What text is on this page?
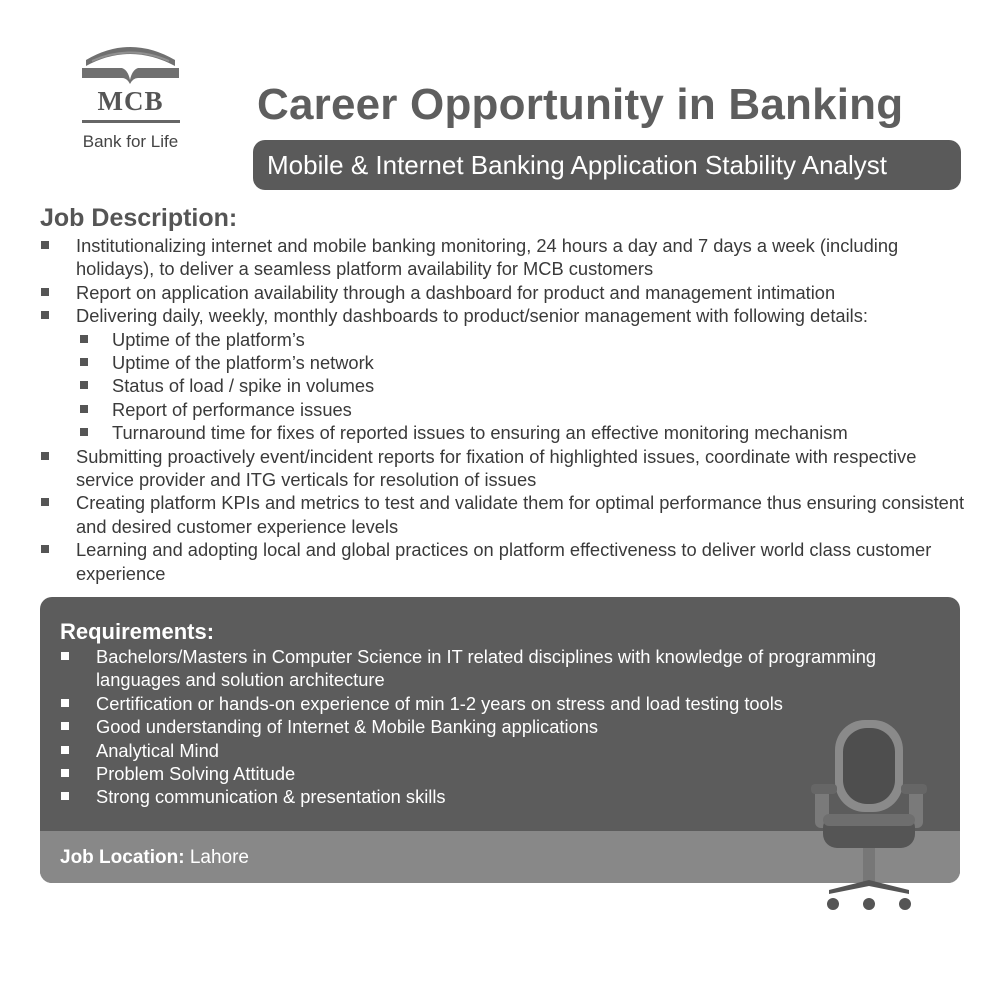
MCB
Bank for Life
Career Opportunity in Banking
Mobile & Internet Banking Application Stability Analyst
Job Description:
Institutionalizing internet and mobile banking monitoring, 24 hours a day and 7 days a week (including holidays), to deliver a seamless platform availability for MCB customers
Report on application availability through a dashboard for product and management intimation
Delivering daily, weekly, monthly dashboards to product/senior management with following details:
Uptime of the platform’s
Uptime of the platform’s network
Status of load / spike in volumes
Report of performance issues
Turnaround time for fixes of reported issues to ensuring an effective monitoring mechanism
Submitting proactively event/incident reports for fixation of highlighted issues, coordinate with respective service provider and ITG verticals for resolution of issues
Creating platform KPIs and metrics to test and validate them for optimal performance thus ensuring consistent and desired customer experience levels
Learning and adopting local and global practices on platform effectiveness to deliver world class customer experience
Requirements:
Bachelors/Masters in Computer Science in IT related disciplines with knowledge of programming languages and solution architecture
Certification or hands-on experience of min 1-2 years on stress and load testing tools
Good understanding of Internet & Mobile Banking applications
Analytical Mind
Problem Solving Attitude
Strong communication & presentation skills
Job Location: Lahore
